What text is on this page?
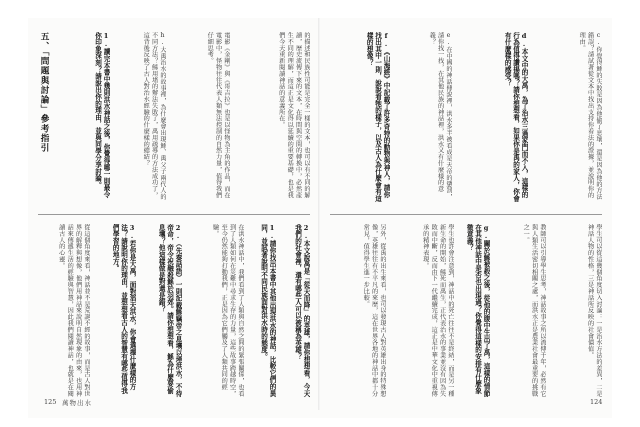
五、「問題與討論」參考指引	1.讀完本書中幾則洪水神話之後，你覺得哪一則最令你印象深刻？請說出你的理由，並與同學分享討論。	h.大禹治水的故事裡，為什麼會出現鯀、禹父子兩代人的不同方法？鯀用堵的辦法失敗了，禹用疏導的方法成功了，這背後反映了古人對治水經驗的什麼樣的總結？	電影《金剛》與《哥吉拉》也是以怪物為主角的作品，而在電影中，怪物往往代表人類無法控制的自然力量，值得我們仔細思考。	的描述和民族性可能是完全一樣的文本，也可以有不同的解讀，歷史流傳下來的文本，在時間與空間的轉換中，必然產生不同的理解，而這正是文化得以延續的重要基礎，也是我們今天重新閱讀神話的意義所在。
從這個角度來看，神話並不是荒誕不經的故事，而是古人對世界的解釋與想像，他們用神話來說明自然現象的由來，也用神話來傳遞生活的經驗與智慧，因此我們閱讀神話，也就是在閱讀古人的心靈。	3.若你是大禹，面對滔天洪水，你會選擇什麼樣的方法？請說明你的理由，並想想看古人的智慧有哪些值得我們學習的地方。	2.（先秦話語）一則記載鯀竊帝之息壤以堙洪水，不待帝命，帝令祝融殺鯀於羽郊。請你想想看，鯀為什麼要偷息壤？他這樣做是對還是錯？	在洪水神話中，我們看到了人類與自然之間的緊張關係，也看到了人類如何在災難中尋求生存的力量，這些故事跨越時空，至今仍然能夠打動我們，正是因為它們觸及了人類共同的經驗。	1.請你找出本書中其他出現洪水的神話，比較它們的異同，並試著說明不同民族面對洪水時的態度。	2.本文說禹是「從天而降」的英雄，請你想想看，今天我們的社會裡，還有哪些人可以被稱為英雄？
f.《山海經》中記載了許多奇特的動物與神人，請你找出其中一則，說說看牠的樣子，以及古人為什麼會有這樣的想像？	e.在中國的神話傳說裡，洪水多半被看成是天帝的懲罰，請你找一找，在其他民族的神話裡，洪水又有什麼樣的意義？	d.本文中的大禹，為了治水三過家門而不入，這樣的行為值得讚揚嗎？請你想想看，如果你是禹的家人，你會有什麼樣的感受？	c.你覺得鯀的失敗是因為他偷了息壤，還是因為他的方法錯誤？請試著從文本中找出支持你看法的證據，並說明你的理由。
另外，從禹的出生來看，也可以發現古人對英雄出身的特殊想像，英雄往往有不平凡的來歷，這在世界各地的神話中都十分常見，值得學生進一步比較。	學生也許會注意到，神話中的死亡往往不是終結，而是另一種新生命的開始，鯀死而禹生，正代表治水的事業並沒有因為失敗而中斷，反而由下一代繼續完成，這正是中華文化中重視傳承的精神表現。	g.關於鯀被殺之後，從他的腹中生出了禹，這樣的情節在其他神話中是否也出現過？你覺得這樣的安排有什麼象徵意義？	教師可以引導學生思考，神話故事之所以流傳千年，必然有它與人類生活密切相關之處，而洪水正是農業社會最重要的挑戰之一。	學生可以從這幾個角度切入討論：一是治水方法的差異，二是神話人物的性格，三是神話所反映的社會價值。
125 萬物出水	124
